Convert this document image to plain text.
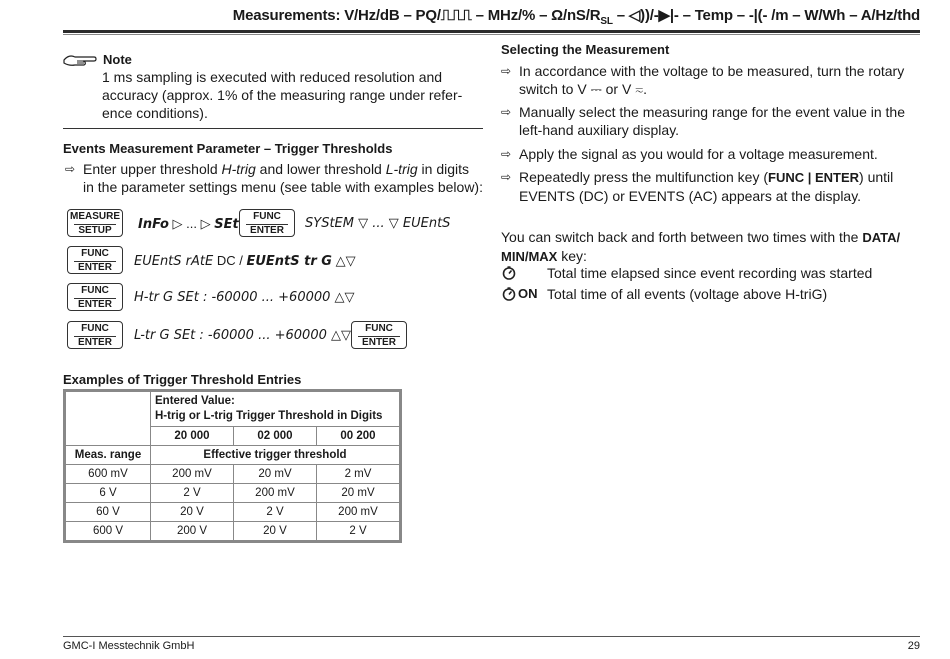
Measurements: V/Hz/dB – PQ/⎍⎍⎍ – $MHz/\% - \Omega/nS/R_{SL}$ – ◁))/-▶|- – Temp – -|(- /m – W/Wh – A/Hz/thd
Note
1 ms sampling is executed with reduced resolution and accuracy (approx. 1% of the measuring range under refer-ence conditions).
Events Measurement Parameter – Trigger Thresholds
⇨ Enter upper threshold H-trig and lower threshold L-trig in digits in the parameter settings menu (see table with examples below):
MEASURE
SETUP	InFo ▷ ... ▷ SEt
FUNC
ENTER	SYStEM ▽ ... ▽ EUEntS
FUNC
ENTER	EUEntS rAtE DC / EUEntS tr G △▽
FUNC
ENTER	H-tr G SEt : -60000 ... +60000 △▽
FUNC
ENTER	L-tr G SEt : -60000 ... +60000 △▽	FUNC
ENTER
Examples of Trigger Threshold Entries

	Entered Value:
H-trig or L-trig Trigger Threshold in Digits		

	20 000	02 000	00 200
Meas. range	Effective trigger threshold		
600 mV	200 mV	20 mV	2 mV
6 V	2 V	200 mV	20 mV
60 V	20 V	2 V	200 mV
600 V	200 V	20 V	2 V
Selecting the Measurement
⇨ In accordance with the voltage to be measured, turn the rotary switch to V ⎓ or V ≂.
⇨ Manually select the measuring range for the event value in the left-hand auxiliary display.
⇨ Apply the signal as you would for a voltage measurement.
⇨ Repeatedly press the multifunction key (FUNC | ENTER) until EVENTS (DC) or EVENTS (AC) appears at the display.
You can switch back and forth between two times with the DATA/ MIN/MAX key:
Total time elapsed since event recording was started
ON Total time of all events (voltage above H-triG)
GMC-I Messtechnik GmbH	29
